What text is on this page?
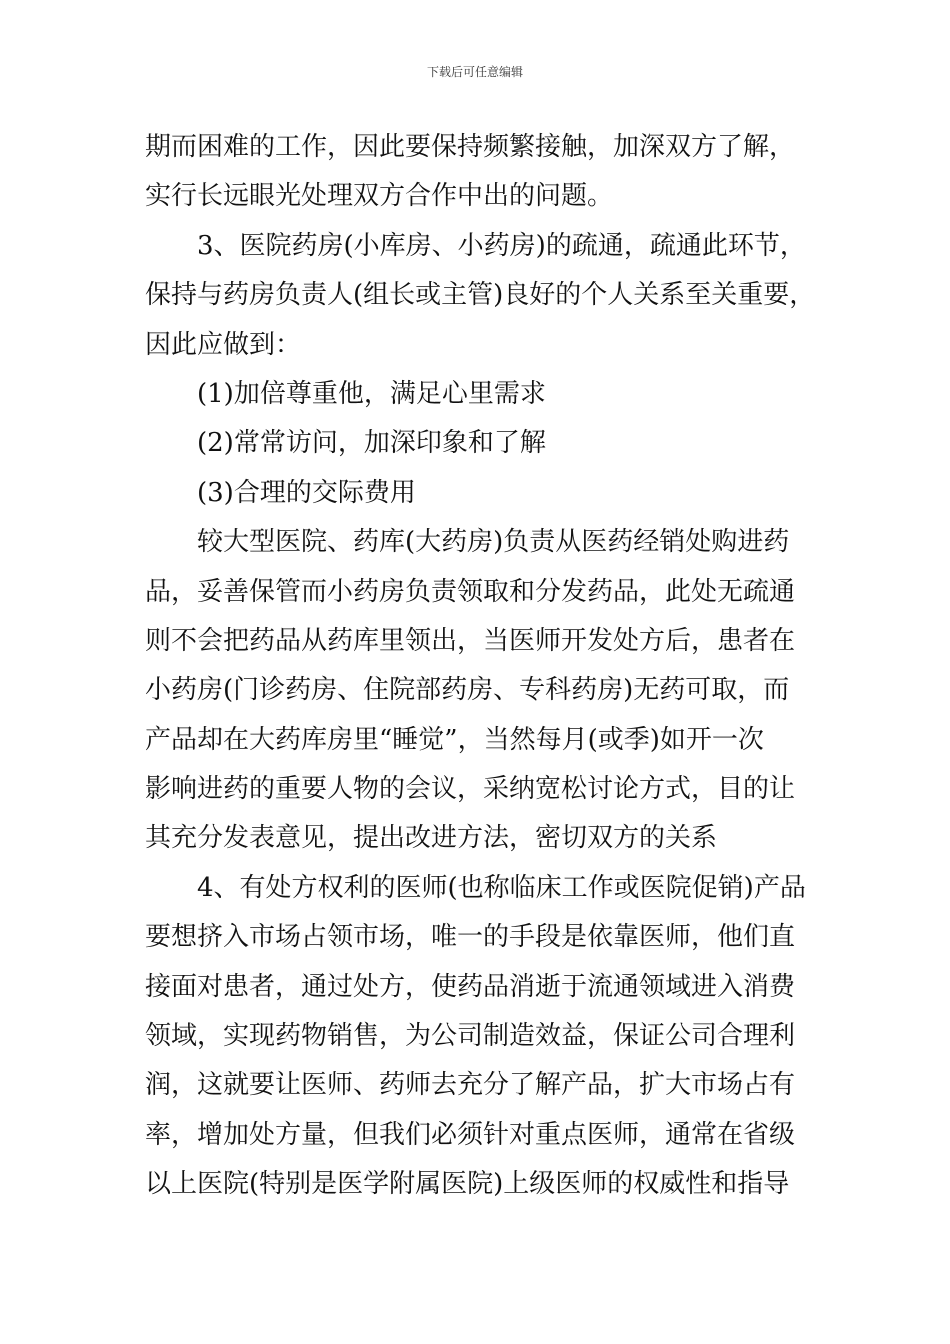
下载后可任意编辑
期而困难的工作，因此要保持频繁接触，加深双方了解，
实行长远眼光处理双方合作中出的问题。
3、医院药房(小库房、小药房)的疏通，疏通此环节，
保持与药房负责人(组长或主管)良好的个人关系至关重要，
因此应做到：
(1)加倍尊重他，满足心里需求
(2)常常访问，加深印象和了解
(3)合理的交际费用
较大型医院、药库(大药房)负责从医药经销处购进药
品，妥善保管而小药房负责领取和分发药品，此处无疏通
则不会把药品从药库里领出，当医师开发处方后，患者在
小药房(门诊药房、住院部药房、专科药房)无药可取，而
产品却在大药库房里“睡觉”，当然每月(或季)如开一次
影响进药的重要人物的会议，采纳宽松讨论方式，目的让
其充分发表意见，提出改进方法，密切双方的关系
4、有处方权利的医师(也称临床工作或医院促销)产品
要想挤入市场占领市场，唯一的手段是依靠医师，他们直
接面对患者，通过处方，使药品消逝于流通领域进入消费
领域，实现药物销售，为公司制造效益，保证公司合理利
润，这就要让医师、药师去充分了解产品，扩大市场占有
率，增加处方量，但我们必须针对重点医师，通常在省级
以上医院(特别是医学附属医院)上级医师的权威性和指导
